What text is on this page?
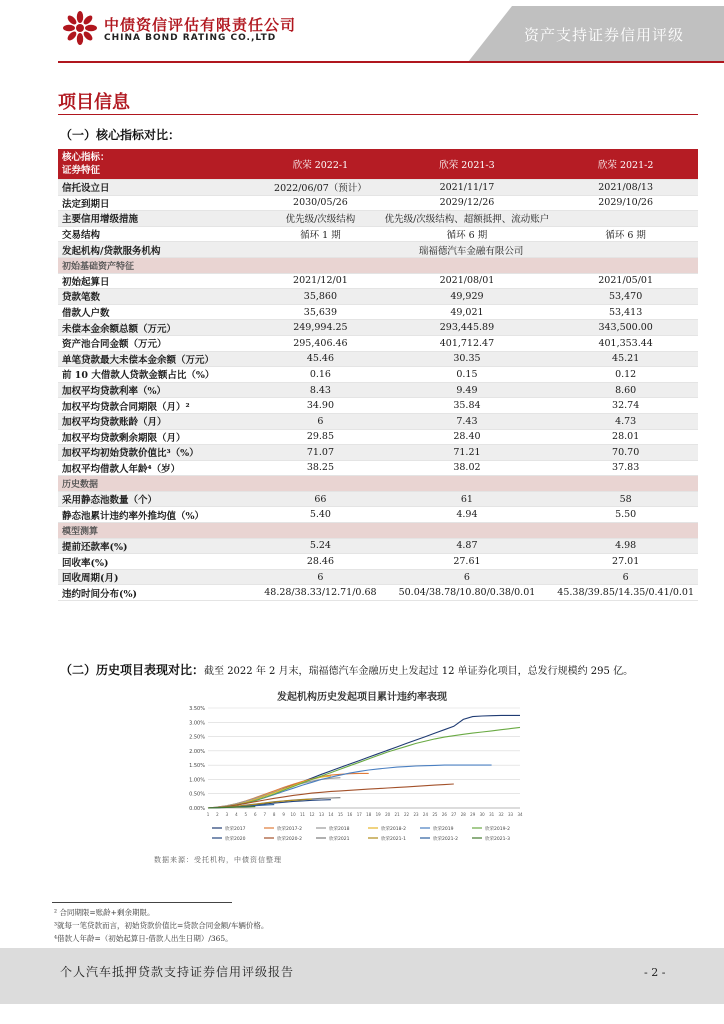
中债资信评估有限责任公司
CHINA BOND RATING CO.,LTD	资产支持证券信用评级
项目信息
（一）核心指标对比：
核心指标：
证券特征	欣荣 2022-1	欣荣 2021-3	欣荣 2021-2
信托设立日	2022/06/07（预计）	2021/11/17	2021/08/13
法定到期日	2030/05/26	2029/12/26	2029/10/26
主要信用增级措施	优先级/次级结构	优先级/次级结构、超额抵押、流动账户	
交易结构	循环 1 期	循环 6 期	循环 6 期
发起机构/贷款服务机构	瑞福德汽车金融有限公司		
初始基础资产特征			
初始起算日	2021/12/01	2021/08/01	2021/05/01
贷款笔数	35,860	49,929	53,470
借款人户数	35,639	49,021	53,413
未偿本金余额总额（万元）	249,994.25	293,445.89	343,500.00
资产池合同金额（万元）	295,406.46	401,712.47	401,353.44
单笔贷款最大未偿本金余额（万元）	45.46	30.35	45.21
前 10 大借款人贷款金额占比（%）	0.16	0.15	0.12
加权平均贷款利率（%）	8.43	9.49	8.60
加权平均贷款合同期限（月）²	34.90	35.84	32.74
加权平均贷款账龄（月）	6	7.43	4.73
加权平均贷款剩余期限（月）	29.85	28.40	28.01
加权平均初始贷款价值比³（%）	71.07	71.21	70.70
加权平均借款人年龄⁴（岁）	38.25	38.02	37.83
历史数据			
采用静态池数量（个）	66	61	58
静态池累计违约率外推均值（%）	5.40	4.94	5.50
模型测算			
提前还款率(%)	5.24	4.87	4.98
回收率(%)	28.46	27.61	27.01
回收周期(月)	6	6	6
违约时间分布(%)	48.28/38.33/12.71/0.68	50.04/38.78/10.80/0.38/0.01	45.38/39.85/14.35/0.41/0.01
（二）历史项目表现对比：截至 2022 年 2 月末，瑞福德汽车金融历史上发起过 12 单证券化项目，总发行规模约 295 亿。
发起机构历史发起项目累计违约率表现
0.00%
0.50%
1.00%
1.50%
2.00%
2.50%
3.00%
3.50%
1 2 3 4 5 6 7 8 9 10 11 12 13 14 15 16 17 18 19 20 21 22 23 24 25 26 27 28 29 30 31 32 33 34
欣荣2017	欣荣2017-2	欣荣2018	欣荣2018-2	欣荣2019	欣荣2019-2
欣荣2020	欣荣2020-2	欣荣2021	欣荣2021-1	欣荣2021-2	欣荣2021-3
数据来源：受托机构，中债资信整理
² 合同期限=账龄+剩余期限。
³就每一笔贷款而言，初始贷款价值比=贷款合同金额/车辆价格。
⁴借款人年龄=（初始起算日-借款人出生日期）/365。
个人汽车抵押贷款支持证券信用评级报告	- 2 -
